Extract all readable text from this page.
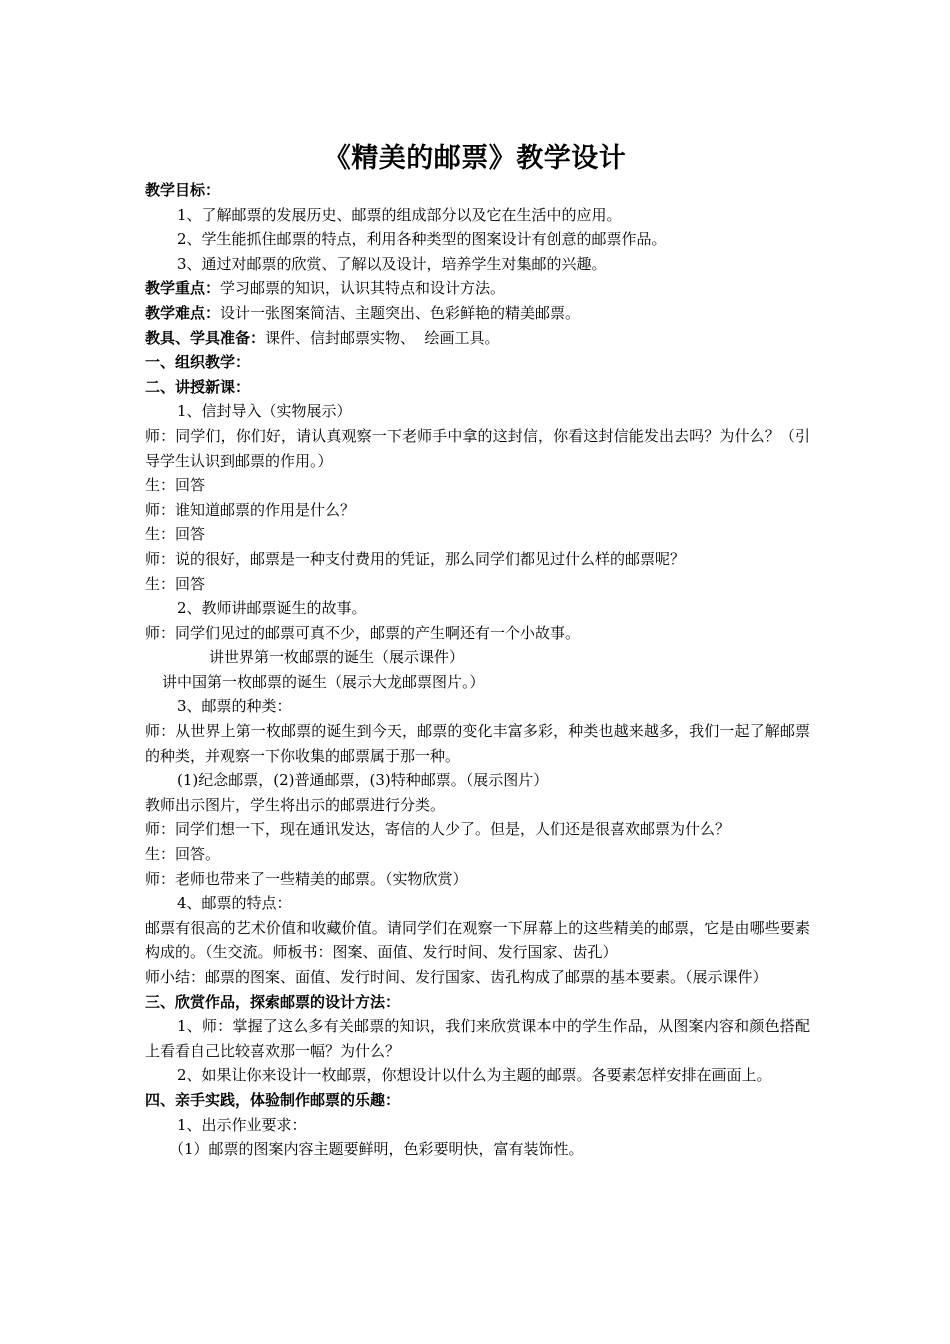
《精美的邮票》教学设计

教学目标：

1、了解邮票的发展历史、邮票的组成部分以及它在生活中的应用。

2、学生能抓住邮票的特点，利用各种类型的图案设计有创意的邮票作品。

3、通过对邮票的欣赏、了解以及设计，培养学生对集邮的兴趣。

教学重点：学习邮票的知识，认识其特点和设计方法。

教学难点：设计一张图案简洁、主题突出、色彩鲜艳的精美邮票。

教具、学具准备：课件、信封邮票实物、  绘画工具。

一、组织教学：

二、讲授新课：

1、信封导入（实物展示）

师：同学们，你们好，请认真观察一下老师手中拿的这封信，你看这封信能发出去吗？为什么？（引导学生认识到邮票的作用。）

生：回答

师：谁知道邮票的作用是什么？

生：回答

师：说的很好，邮票是一种支付费用的凭证，那么同学们都见过什么样的邮票呢？

生：回答

2、教师讲邮票诞生的故事。

师：同学们见过的邮票可真不少，邮票的产生啊还有一个小故事。

讲世界第一枚邮票的诞生（展示课件）

讲中国第一枚邮票的诞生（展示大龙邮票图片。）

3、邮票的种类：

师：从世界上第一枚邮票的诞生到今天，邮票的变化丰富多彩，种类也越来越多，我们一起了解邮票的种类，并观察一下你收集的邮票属于那一种。

(1)纪念邮票，(2)普通邮票，(3)特种邮票。（展示图片）

教师出示图片，学生将出示的邮票进行分类。

师：同学们想一下，现在通讯发达，寄信的人少了。但是，人们还是很喜欢邮票为什么？

生：回答。

师：老师也带来了一些精美的邮票。（实物欣赏）

4、邮票的特点：

邮票有很高的艺术价值和收藏价值。请同学们在观察一下屏幕上的这些精美的邮票，它是由哪些要素构成的。（生交流。师板书：图案、面值、发行时间、发行国家、齿孔）

师小结：邮票的图案、面值、发行时间、发行国家、齿孔构成了邮票的基本要素。（展示课件）

三、欣赏作品，探索邮票的设计方法：

1、师：掌握了这么多有关邮票的知识，我们来欣赏课本中的学生作品，从图案内容和颜色搭配上看看自己比较喜欢那一幅？为什么？

2、如果让你来设计一枚邮票，你想设计以什么为主题的邮票。各要素怎样安排在画面上。

四、亲手实践，体验制作邮票的乐趣：

1、出示作业要求：

（1）邮票的图案内容主题要鲜明，色彩要明快，富有装饰性。
